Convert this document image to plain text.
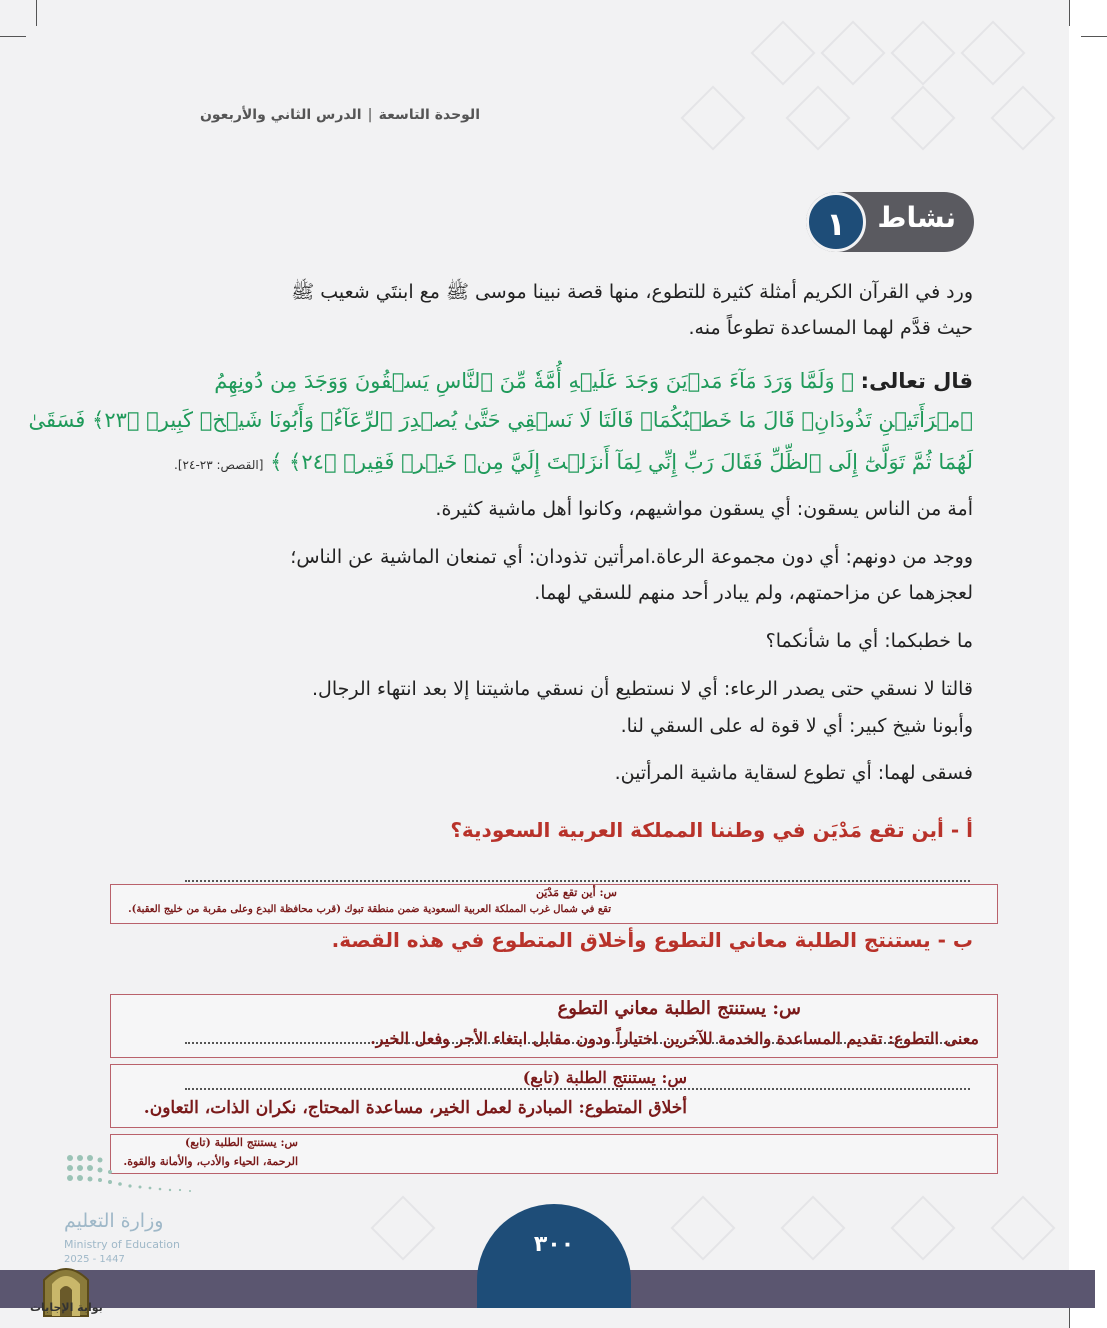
الوحدة التاسعة|الدرس الثاني والأربعون
نشاط
١
ورد في القرآن الكريم أمثلة كثيرة للتطوع، منها قصة نبينا موسى ﷺ مع ابنتَي شعيب ﷺ
حيث قدَّم لهما المساعدة تطوعاً منه.
قال تعالى: ﴿ وَلَمَّا وَرَدَ مَآءَ مَدۡيَنَ وَجَدَ عَلَيۡهِ أُمَّةٗ مِّنَ ٱلنَّاسِ يَسۡقُونَ وَوَجَدَ مِن دُونِهِمُ
ٱمۡرَأَتَيۡنِ تَذُودَانِۖ قَالَ مَا خَطۡبُكُمَاۖ قَالَتَا لَا نَسۡقِي حَتَّىٰ يُصۡدِرَ ٱلرِّعَآءُۖ وَأَبُونَا شَيۡخٞ كَبِيرٞ ﴿٢٣﴾ فَسَقَىٰ
لَهُمَا ثُمَّ تَوَلَّىٰٓ إِلَى ٱلظِّلِّ فَقَالَ رَبِّ إِنِّي لِمَآ أَنزَلۡتَ إِلَيَّ مِنۡ خَيۡرٖ فَقِيرٞ ﴿٢٤﴾ ﴾ [القصص: ٢٣-٢٤].
أمة من الناس يسقون: أي يسقون مواشيهم، وكانوا أهل ماشية كثيرة.
ووجد من دونهم: أي دون مجموعة الرعاة.امرأتين تذودان: أي تمنعان الماشية عن الناس؛
لعجزهما عن مزاحمتهم، ولم يبادر أحد منهم للسقي لهما.
ما خطبكما: أي ما شأنكما؟
قالتا لا نسقي حتى يصدر الرعاء: أي لا نستطيع أن نسقي ماشيتنا إلا بعد انتهاء الرجال.
وأبونا شيخ كبير: أي لا قوة له على السقي لنا.
فسقى لهما: أي تطوع لسقاية ماشية المرأتين.
أ - أين تقع مَدْيَن في وطننا المملكة العربية السعودية؟
س: أين تقع مَدْيَن
تقع في شمال غرب المملكة العربية السعودية ضمن منطقة تبوك (قرب محافظة البدع وعلى مقربة من خليج العقبة).
ب - يستنتج الطلبة معاني التطوع وأخلاق المتطوع في هذه القصة.
س: يستنتج الطلبة معاني التطوع
معنى التطوع: تقديم المساعدة والخدمة للآخرين اختياراً ودون مقابل ابتغاء الأجر وفعل الخير.
س: يستنتج الطلبة (تابع)
أخلاق المتطوع: المبادرة لعمل الخير، مساعدة المحتاج، نكران الذات، التعاون.
س: يستنتج الطلبة (تابع)
الرحمة، الحياء والأدب، والأمانة والقوة.
وزارة التعليم
Ministry of Education
2025 - 1447
٣٠٠
بوابة الإجابات
